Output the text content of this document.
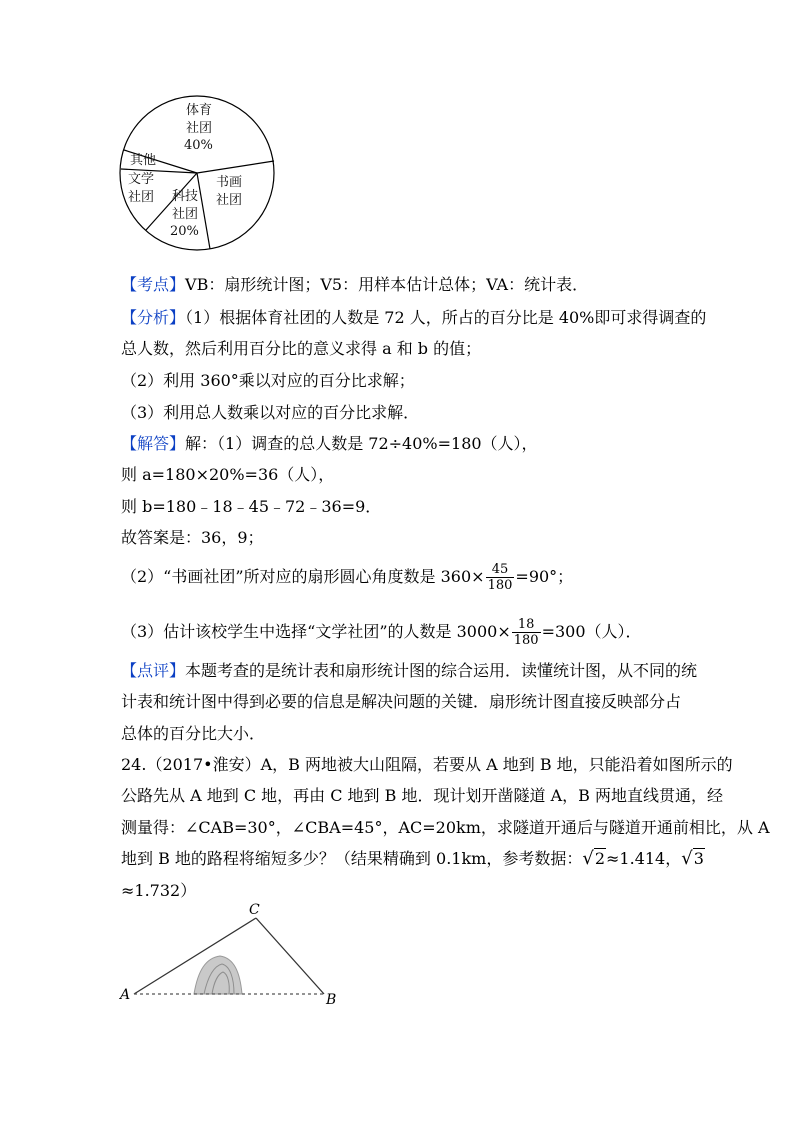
体育
社团
40%
其他
文学
社团 科技
社团
20%
书画
社团
【考点】VB：扇形统计图；V5：用样本估计总体；VA：统计表．
【分析】（1）根据体育社团的人数是 72 人，所占的百分比是 40%即可求得调查的
总人数，然后利用百分比的意义求得 a 和 b 的值；
（2）利用 360°乘以对应的百分比求解；
（3）利用总人数乘以对应的百分比求解．
【解答】解：（1）调查的总人数是 72÷40%=180（人），
则 a=180×20%=36（人），
则 b=180﹣18﹣45﹣72﹣36=9．
故答案是：36，9；
（2）“书画社团”所对应的扇形圆心角度数是 $360\times \frac{45}{180} =90^\circ$；
（3）估计该校学生中选择“文学社团”的人数是 $3000\times \frac{18}{180} =300$（人）．
【点评】本题考查的是统计表和扇形统计图的综合运用．读懂统计图，从不同的统
计表和统计图中得到必要的信息是解决问题的关键．扇形统计图直接反映部分占
总体的百分比大小．
24.（2017•淮安）A，B 两地被大山阻隔，若要从 A 地到 B 地，只能沿着如图所示的
公路先从 A 地到 C 地，再由 C 地到 B 地．现计划开凿隧道 A，B 两地直线贯通，经
测量得：∠CAB=30°，∠CBA=45°，AC=20km，求隧道开通后与隧道开通前相比，从 A
地到 B 地的路程将缩短多少？（结果精确到 0.1km，参考数据：√2≈1.414，√3
≈1.732）
A	B
C
